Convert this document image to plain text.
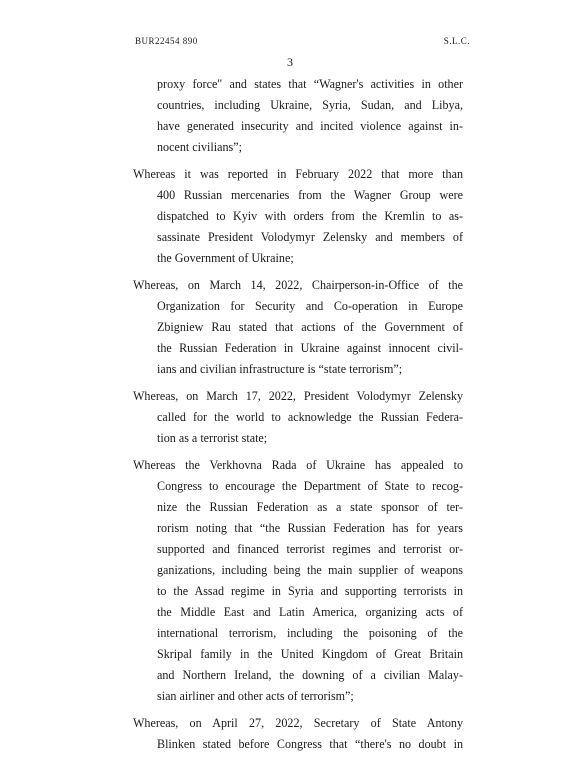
BUR22454 890	S.L.C.
3
proxy force" and states that “Wagner's activities in other
countries, including Ukraine, Syria, Sudan, and Libya,
have generated insecurity and incited violence against in-
nocent civilians”;
Whereas it was reported in February 2022 that more than
400 Russian mercenaries from the Wagner Group were
dispatched to Kyiv with orders from the Kremlin to as-
sassinate President Volodymyr Zelensky and members of
the Government of Ukraine;
Whereas, on March 14, 2022, Chairperson-in-Office of the
Organization for Security and Co-operation in Europe
Zbigniew Rau stated that actions of the Government of
the Russian Federation in Ukraine against innocent civil-
ians and civilian infrastructure is “state terrorism”;
Whereas, on March 17, 2022, President Volodymyr Zelensky
called for the world to acknowledge the Russian Federa-
tion as a terrorist state;
Whereas the Verkhovna Rada of Ukraine has appealed to
Congress to encourage the Department of State to recog-
nize the Russian Federation as a state sponsor of ter-
rorism noting that “the Russian Federation has for years
supported and financed terrorist regimes and terrorist or-
ganizations, including being the main supplier of weapons
to the Assad regime in Syria and supporting terrorists in
the Middle East and Latin America, organizing acts of
international terrorism, including the poisoning of the
Skripal family in the United Kingdom of Great Britain
and Northern Ireland, the downing of a civilian Malay-
sian airliner and other acts of terrorism”;
Whereas, on April 27, 2022, Secretary of State Antony
Blinken stated before Congress that “there's no doubt in
